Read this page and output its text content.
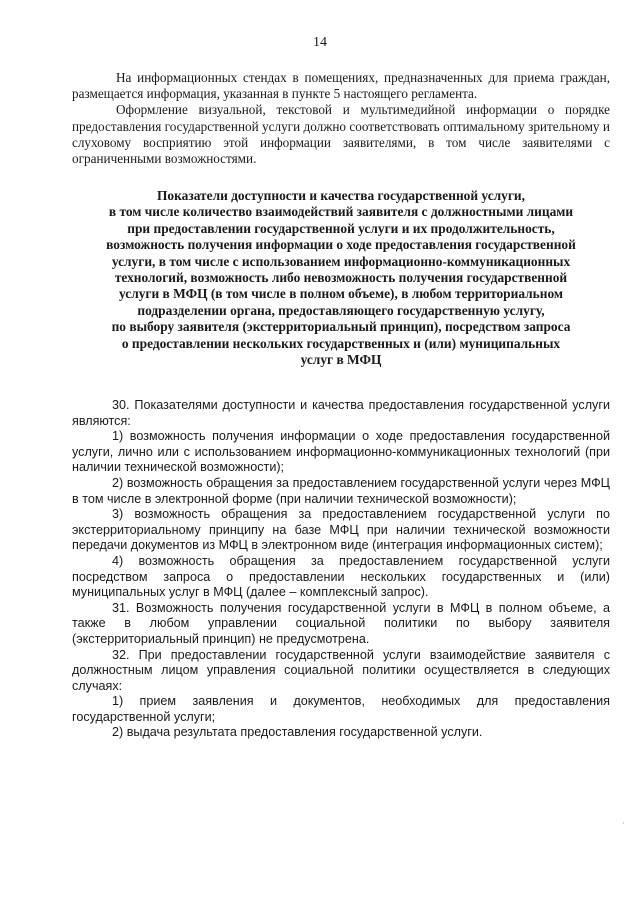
14

На информационных стендах в помещениях, предназначенных для приема граждан, размещается информация, указанная в пункте 5 настоящего регламента.

Оформление визуальной, текстовой и мультимедийной информации о порядке предоставления государственной услуги должно соответствовать оптимальному зрительному и слуховому восприятию этой информации заявителями, в том числе заявителями с ограниченными возможностями.

Показатели доступности и качества государственной услуги,

в том числе количество взаимодействий заявителя с должностными лицами

при предоставлении государственной услуги и их продолжительность,

возможность получения информации о ходе предоставления государственной

услуги, в том числе с использованием информационно-коммуникационных

технологий, возможность либо невозможность получения государственной

услуги в МФЦ (в том числе в полном объеме), в любом территориальном

подразделении органа, предоставляющего государственную услугу,

по выбору заявителя (экстерриториальный принцип), посредством запроса

о предоставлении нескольких государственных и (или) муниципальных

услуг в МФЦ

30. Показателями доступности и качества предоставления государственной услуги являются:

1) возможность получения информации о ходе предоставления государственной услуги, лично или с использованием информационно-коммуникационных технологий (при наличии технической возможности);

2) возможность обращения за предоставлением государственной услуги через МФЦ в том числе в электронной форме (при наличии технической возможности);

3) возможность обращения за предоставлением государственной услуги по экстерриториальному принципу на базе МФЦ при наличии технической возможности передачи документов из МФЦ в электронном виде (интеграция информационных систем);

4) возможность обращения за предоставлением государственной услуги посредством запроса о предоставлении нескольких государственных и (или) муниципальных услуг в МФЦ (далее – комплексный запрос).

31. Возможность получения государственной услуги в МФЦ в полном объеме, а также в любом управлении социальной политики по выбору заявителя (экстерриториальный принцип) не предусмотрена.

32. При предоставлении государственной услуги взаимодействие заявителя с должностным лицом управления социальной политики осуществляется в следующих случаях:

1) прием заявления и документов, необходимых для предоставления государственной услуги;

2) выдача результата предоставления государственной услуги.

·
